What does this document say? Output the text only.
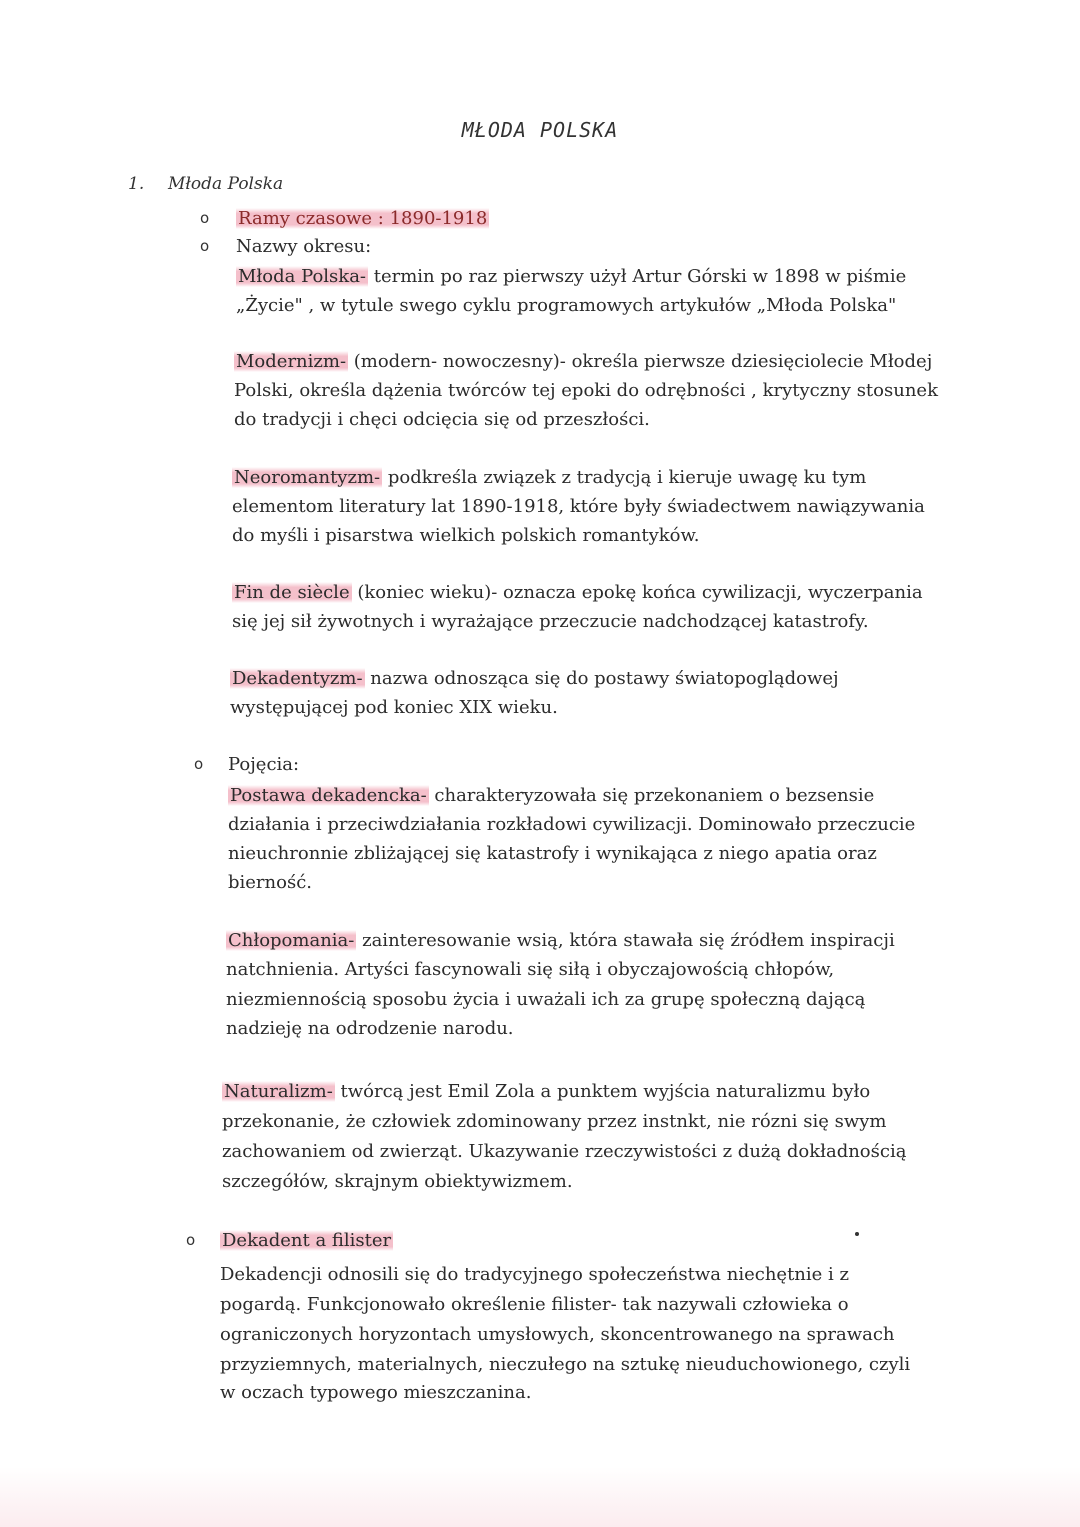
MŁODA POLSKA
1. Młoda Polska
o Ramy czasowe : 1890-1918
o Nazwy okresu:
Młoda Polska- termin po raz pierwszy użył Artur Górski w 1898 w piśmie
„Życie" , w tytule swego cyklu programowych artykułów „Młoda Polska"
Modernizm- (modern- nowoczesny)- określa pierwsze dziesięciolecie Młodej
Polski, określa dążenia twórców tej epoki do odrębności , krytyczny stosunek
do tradycji i chęci odcięcia się od przeszłości.
Neoromantyzm- podkreśla związek z tradycją i kieruje uwagę ku tym
elementom literatury lat 1890-1918, które były świadectwem nawiązywania
do myśli i pisarstwa wielkich polskich romantyków.
Fin de siècle (koniec wieku)- oznacza epokę końca cywilizacji, wyczerpania
się jej sił żywotnych i wyrażające przeczucie nadchodzącej katastrofy.
Dekadentyzm- nazwa odnosząca się do postawy światopoglądowej
występującej pod koniec XIX wieku.
o Pojęcia:
Postawa dekadencka- charakteryzowała się przekonaniem o bezsensie
działania i przeciwdziałania rozkładowi cywilizacji. Dominowało przeczucie
nieuchronnie zbliżającej się katastrofy i wynikająca z niego apatia oraz
bierność.
Chłopomania- zainteresowanie wsią, która stawała się źródłem inspiracji
natchnienia. Artyści fascynowali się siłą i obyczajowością chłopów,
niezmiennością sposobu życia i uważali ich za grupę społeczną dającą
nadzieję na odrodzenie narodu.
Naturalizm- twórcą jest Emil Zola a punktem wyjścia naturalizmu było
przekonanie, że człowiek zdominowany przez instnkt, nie rózni się swym
zachowaniem od zwierząt. Ukazywanie rzeczywistości z dużą dokładnością
szczegółów, skrajnym obiektywizmem.
o Dekadent a filister
Dekadencji odnosili się do tradycyjnego społeczeństwa niechętnie i z
pogardą. Funkcjonowało określenie filister- tak nazywali człowieka o
ograniczonych horyzontach umysłowych, skoncentrowanego na sprawach
przyziemnych, materialnych, nieczułego na sztukę nieuduchowionego, czyli
w oczach typowego mieszczanina.
